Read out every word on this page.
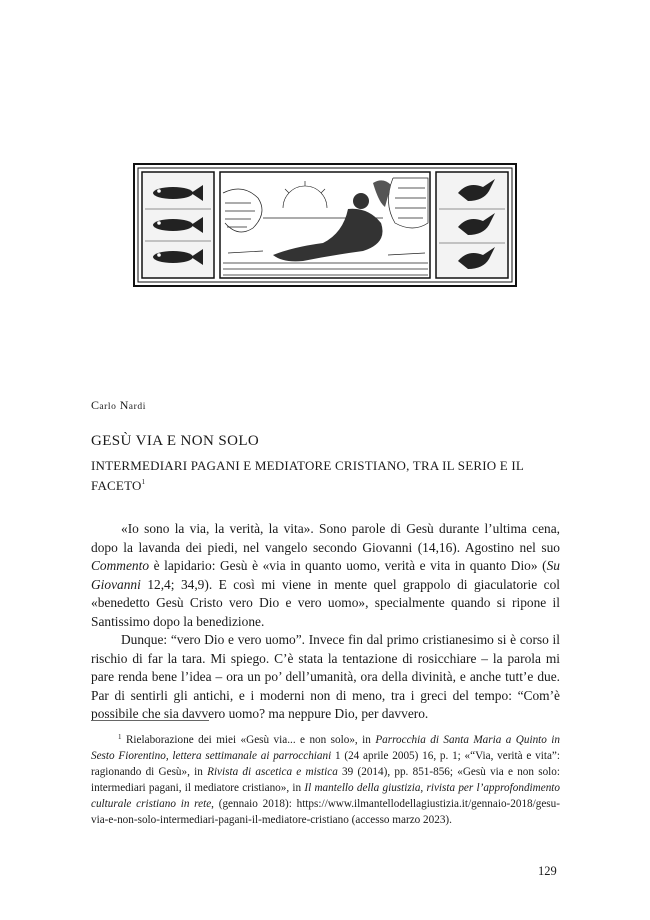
Carlo Nardi
GESÙ VIA E NON SOLO
INTERMEDIARI PAGANI E MEDIATORE CRISTIANO, TRA IL SERIO E IL FACETO$^1$

«Io sono la via, la verità, la vita». Sono parole di Gesù durante l’ultima cena, dopo la lavanda dei piedi, nel vangelo secondo Giovanni (14,16). Agostino nel suo Commento è lapidario: Gesù è «via in quanto uomo, verità e vita in quanto Dio» (Su Giovanni 12,4; 34,9). E così mi viene in mente quel grappolo di giaculatorie col «benedetto Gesù Cristo vero Dio e vero uomo», specialmente quando si ripone il Santissimo dopo la benedizione.

Dunque: “vero Dio e vero uomo”. Invece fin dal primo cristianesimo si è corso il rischio di far la tara. Mi spiego. C’è stata la tentazione di rosicchiare – la parola mi pare renda bene l’idea – ora un po’ dell’umanità, ora della divinità, e anche tutt’e due. Par di sentirli gli antichi, e i moderni non di meno, tra i greci del tempo: “Com’è possibile che sia davvero uomo? ma neppure Dio, per davvero.

$^1$ Rielaborazione dei miei «Gesù via... e non solo», in Parrocchia di Santa Maria a Quinto in Sesto Fiorentino, lettera settimanale ai parrocchiani 1 (24 aprile 2005) 16, p. 1; «“Via, verità e vita”: ragionando di Gesù», in Rivista di ascetica e mistica 39 (2014), pp. 851-856; «Gesù via e non solo: intermediari pagani, il mediatore cristiano», in Il mantello della giustizia, rivista per l’approfondimento culturale cristiano in rete, (gennaio 2018): https://www.ilmantellodellagiustizia.it/gennaio-2018/gesu-via-e-non-solo-intermediari-pagani-il-mediatore-cristiano (accesso marzo 2023).
129
